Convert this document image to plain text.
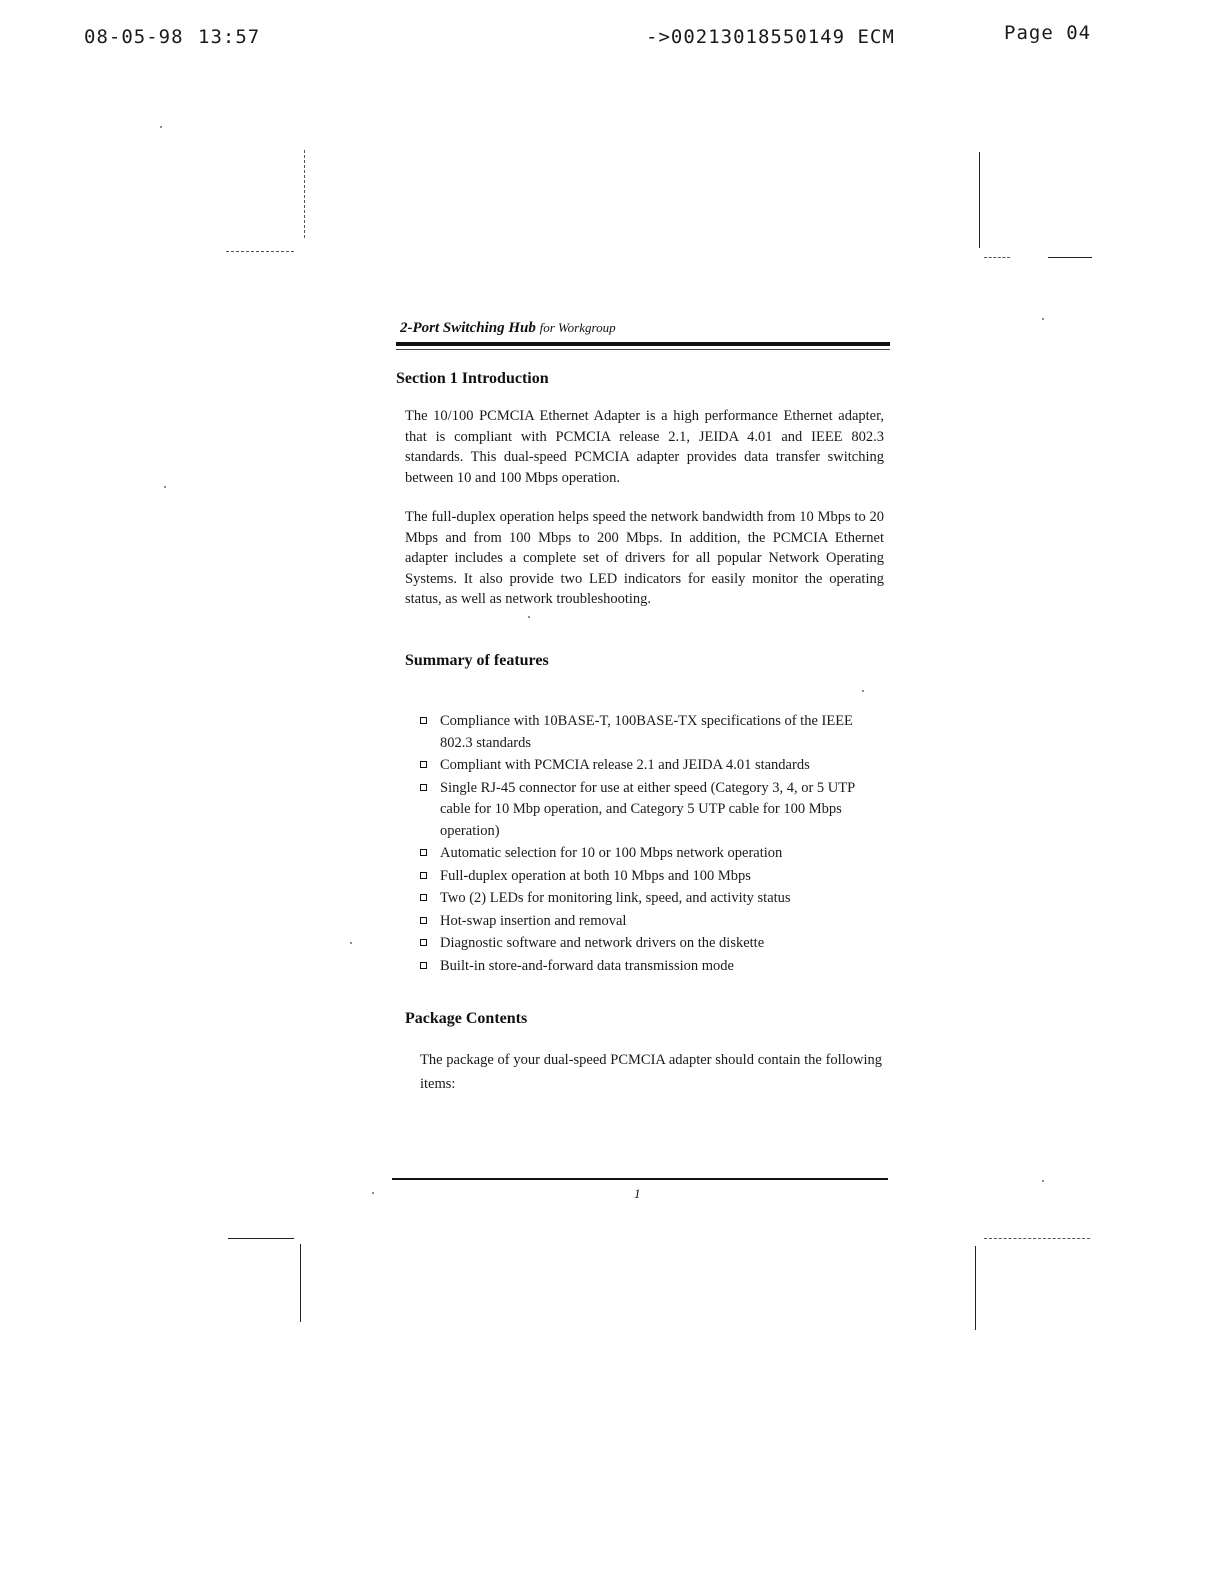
08-05-98 13:57	->00213018550149 ECM	Page 04
2-Port Switching Hub for Workgroup
Section 1 Introduction

The 10/100 PCMCIA Ethernet Adapter is a high performance Ethernet adapter, that is compliant with PCMCIA release 2.1, JEIDA 4.01 and IEEE 802.3 standards. This dual-speed PCMCIA adapter provides data transfer switching between 10 and 100 Mbps operation.

The full-duplex operation helps speed the network bandwidth from 10 Mbps to 20 Mbps and from 100 Mbps to 200 Mbps. In addition, the PCMCIA Ethernet adapter includes a complete set of drivers for all popular Network Operating Systems. It also provide two LED indicators for easily monitor the operating status, as well as network troubleshooting.

Summary of features
Compliance with 10BASE-T, 100BASE-TX specifications of the IEEE 802.3 standards
Compliant with PCMCIA release 2.1 and JEIDA 4.01 standards
Single RJ-45 connector for use at either speed (Category 3, 4, or 5 UTP cable for 10 Mbp operation, and Category 5 UTP cable for 100 Mbps operation)
Automatic selection for 10 or 100 Mbps network operation
Full-duplex operation at both 10 Mbps and 100 Mbps
Two (2) LEDs for monitoring link, speed, and activity status
Hot-swap insertion and removal
Diagnostic software and network drivers on the diskette
Built-in store-and-forward data transmission mode
Package Contents

The package of your dual-speed PCMCIA adapter should contain the following items:

1
